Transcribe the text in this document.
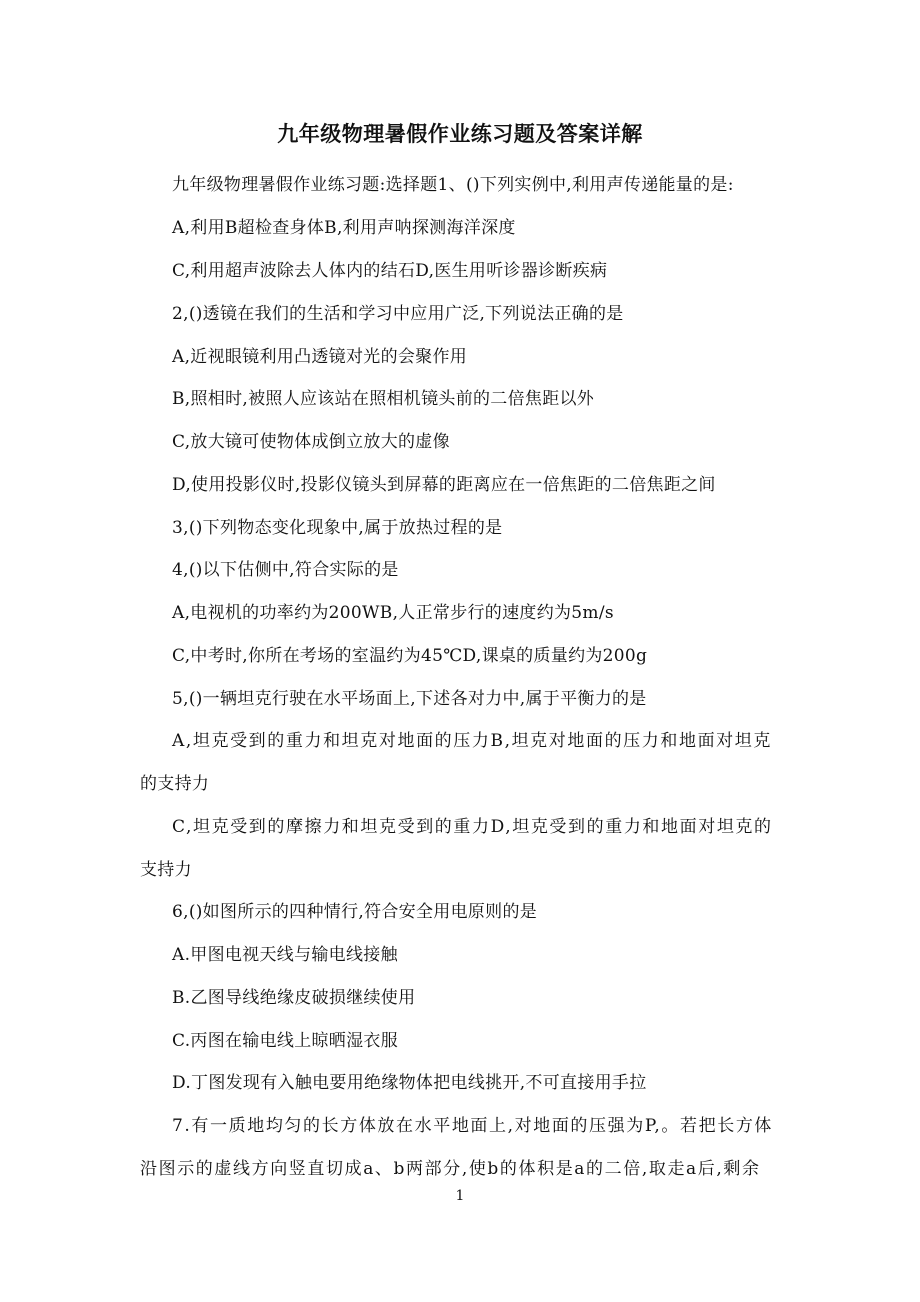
九年级物理暑假作业练习题及答案详解
九年级物理暑假作业练习题:选择题1、()下列实例中,利用声传递能量的是:
A,利用B超检查身体B,利用声呐探测海洋深度
C,利用超声波除去人体内的结石D,医生用听诊器诊断疾病
2,()透镜在我们的生活和学习中应用广泛,下列说法正确的是
A,近视眼镜利用凸透镜对光的会聚作用
B,照相时,被照人应该站在照相机镜头前的二倍焦距以外
C,放大镜可使物体成倒立放大的虚像
D,使用投影仪时,投影仪镜头到屏幕的距离应在一倍焦距的二倍焦距之间
3,()下列物态变化现象中,属于放热过程的是
4,()以下估侧中,符合实际的是
A,电视机的功率约为200WB,人正常步行的速度约为5m/s
C,中考时,你所在考场的室温约为45℃D,课桌的质量约为200g
5,()一辆坦克行驶在水平场面上,下述各对力中,属于平衡力的是
A,坦克受到的重力和坦克对地面的压力B,坦克对地面的压力和地面对坦克
的支持力
C,坦克受到的摩擦力和坦克受到的重力D,坦克受到的重力和地面对坦克的
支持力
6,()如图所示的四种情行,符合安全用电原则的是
A.甲图电视天线与输电线接触
B.乙图导线绝缘皮破损继续使用
C.丙图在输电线上晾晒湿衣服
D.丁图发现有入触电要用绝缘物体把电线挑开,不可直接用手拉
7.有一质地均匀的长方体放在水平地面上,对地面的压强为P,。若把长方体
沿图示的虚线方向竖直切成a、b两部分,使b的体积是a的二倍,取走a后,剩余
1
